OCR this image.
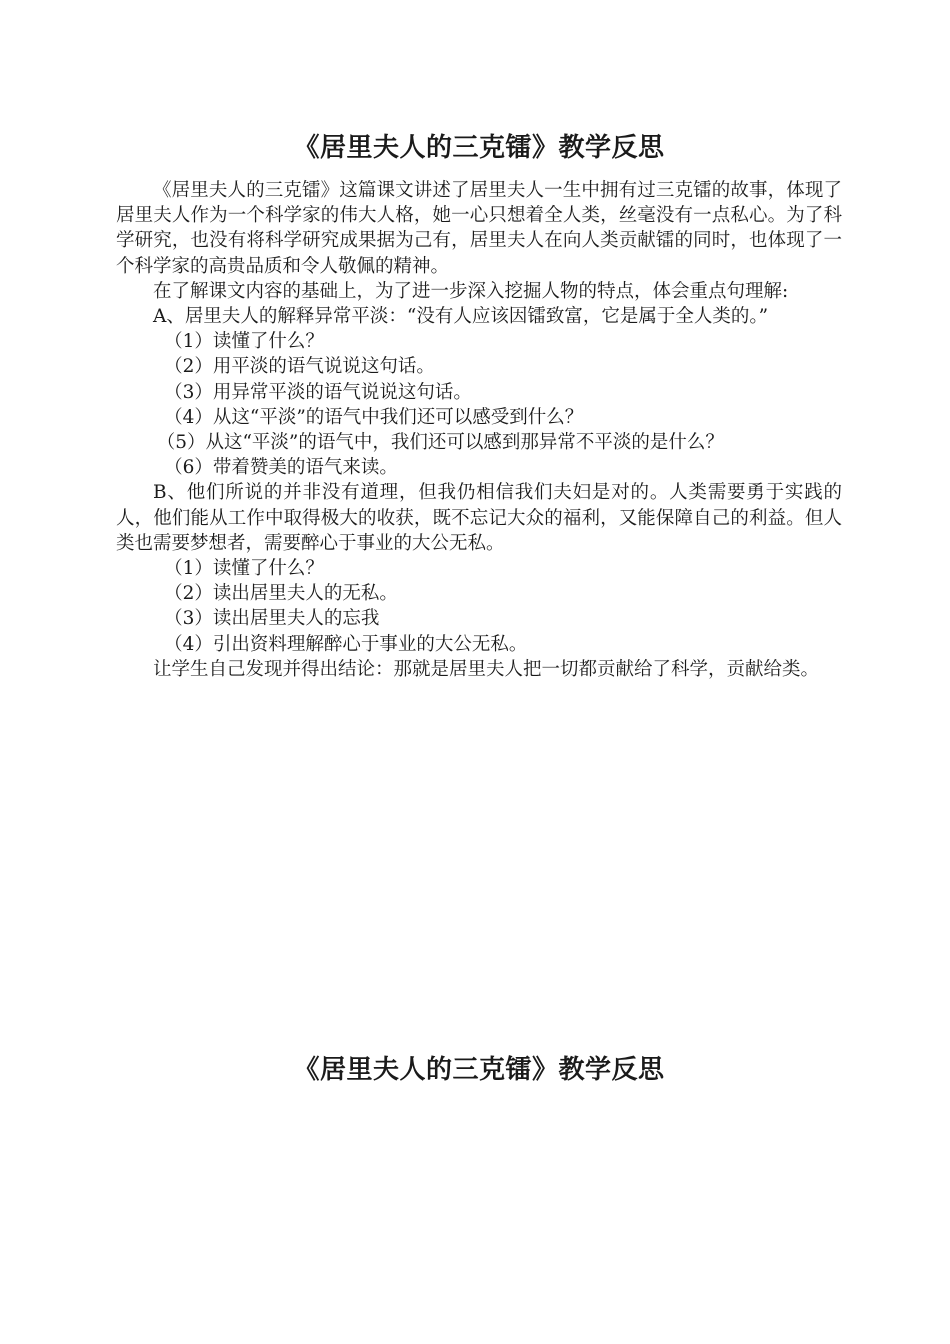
《居里夫人的三克镭》教学反思

《居里夫人的三克镭》这篇课文讲述了居里夫人一生中拥有过三克镭的故事，体现了居里夫人作为一个科学家的伟大人格，她一心只想着全人类，丝毫没有一点私心。为了科学研究，也没有将科学研究成果据为己有，居里夫人在向人类贡献镭的同时，也体现了一个科学家的高贵品质和令人敬佩的精神。

在了解课文内容的基础上，为了进一步深入挖掘人物的特点，体会重点句理解:

A、居里夫人的解释异常平淡：“没有人应该因镭致富，它是属于全人类的。”

（1）读懂了什么？

（2）用平淡的语气说说这句话。

（3）用异常平淡的语气说说这句话。

（4）从这“平淡”的语气中我们还可以感受到什么？

（5）从这“平淡”的语气中，我们还可以感到那异常不平淡的是什么？

（6）带着赞美的语气来读。

B、他们所说的并非没有道理，但我仍相信我们夫妇是对的。人类需要勇于实践的人，他们能从工作中取得极大的收获，既不忘记大众的福利，又能保障自己的利益。但人类也需要梦想者，需要醉心于事业的大公无私。

（1）读懂了什么？

（2）读出居里夫人的无私。

（3）读出居里夫人的忘我

（4）引出资料理解醉心于事业的大公无私。

让学生自己发现并得出结论：那就是居里夫人把一切都贡献给了科学，贡献给类。

《居里夫人的三克镭》教学反思
